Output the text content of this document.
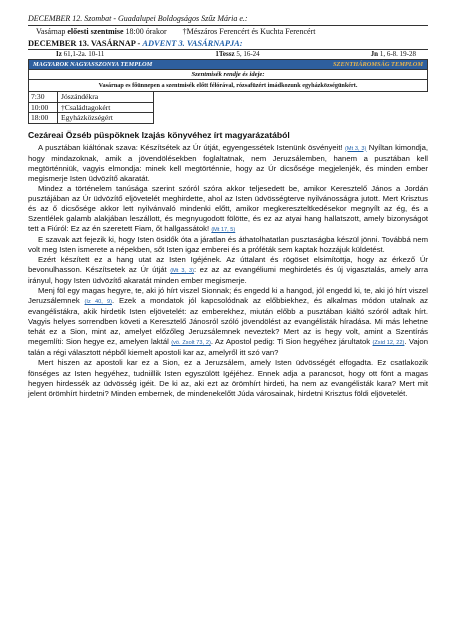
DECEMBER 12. Szombat - Guadalupei Boldogságos Szűz Mária e.:
Vasárnap előesti szentmise 18:00 órakor †Mészáros Ferencért és Kuchta Ferencért
DECEMBER 13. VASÁRNAP - ADVENT 3. VASÁRNAPJA:
Iz 61,1-2a. 10-11	1Tessz 5, 16-24	Jn 1, 6-8. 19-28
MAGYAROK NAGYASSZONYA TEMPLOM	SZENTHÁROMSÁG TEMPLOM
Szentmisék rendje és ideje:
Vasárnap es főünnepen a szentmisék előtt félórával, rózsafüzért imádkozunk egyházközségünkért.
7:30	Jószándékra
10:00	†Családtagokért
18:00	Egyházközségért
Cezáreai Özséb püspöknek Izajás könyvéhez írt magyarázatából

A pusztában kiáltónak szava: Készítsétek az Úr útját, egyengessétek Istenünk ösvényeit! (Mt 3, 3) Nyíltan kimondja, hogy mindazoknak, amik a jövendölésekben foglaltatnak, nem Jeruzsálemben, hanem a pusztában kell megtörténniük, vagyis elmondja: minek kell megtörténnie, hogy az Úr dicsősége megjelenjék, és minden ember megismerje Isten üdvözítő akaratát.

Mindez a történelem tanúsága szerint szóról szóra akkor teljesedett be, amikor Keresztelő János a Jordán pusztájában az Úr üdvözítő eljövetelét meghirdette, ahol az Isten üdvösségterve nyilvánosságra jutott. Mert Krisztus és az ő dicsősége akkor lett nyilvánvaló mindenki előtt, amikor megkereszteltkedésekor megnyílt az ég, és a Szentlélek galamb alakjában leszállott, és megnyugodott fölötte, és ez az atyai hang hallatszott, amely bizonyságot tett a Fiúról: Ez az én szeretett Fiam, őt hallgassátok! (Mt 17, 5)

E szavak azt fejezik ki, hogy Isten ösidők óta a járatlan és áthatolhatatlan pusztaságba készül jönni. Továbbá nem volt meg Isten ismerete a népekben, sőt Isten igaz emberei és a próféták sem kaptak hozzájuk küldetést.

Ezért készített ez a hang utat az Isten Igéjének. Az úttalant és rögöset elsimítottja, hogy az érkező Úr bevonulhasson. Készítsetek az Úr útját (Mt 3, 3): ez az az evangéliumi meghirdetés és új vigasztalás, amely arra irányul, hogy Isten üdvözítő akaratát minden ember megismerje.

Menj föl egy magas hegyre, te, aki jó hírt viszel Sionnak; és engedd ki a hangod, jól engedd ki, te, aki jó hírt viszel Jeruzsálemnek (Iz 40, 9). Ezek a mondatok jól kapcsolódnak az előbbiekhez, és alkalmas módon utalnak az evangélistákra, akik hirdetik Isten eljövetelét: az emberekhez, miután előbb a pusztában kiáltó szóról adtak hírt. Vagyis helyes sorrendben követi a Keresztelő Jánosról szóló jövendölést az evangélisták híradása. Mi más lehetne tehát ez a Sion, mint az, amelyet előzőleg Jeruzsálemnek neveztek? Mert az is hegy volt, amint a Szentírás megemlíti: Sion hegye ez, amelyen laktál (vö. Zsolt 73, 2). Az Apostol pedig: Ti Sion hegyéhez járultatok (Zsid 12, 22). Vajon talán a régi választott népből kiemelt apostoli kar az, amelyről itt szó van?

Mert hiszen az apostoli kar ez a Sion, ez a Jeruzsálem, amely Isten üdvösségét elfogadta. Ez csatlakozik fönséges az Isten hegyéhez, tudniillik Isten egyszülött Igéjéhez. Ennek adja a parancsot, hogy ott fönt a magas hegyen hirdessék az üdvösség igéit. De ki az, aki ezt az örömhírt hirdeti, ha nem az evangélisták kara? Mert mit jelent örömhírt hirdetni? Minden embernek, de mindenekelőtt Júda városainak, hirdetni Krisztus földi eljövetelét.
